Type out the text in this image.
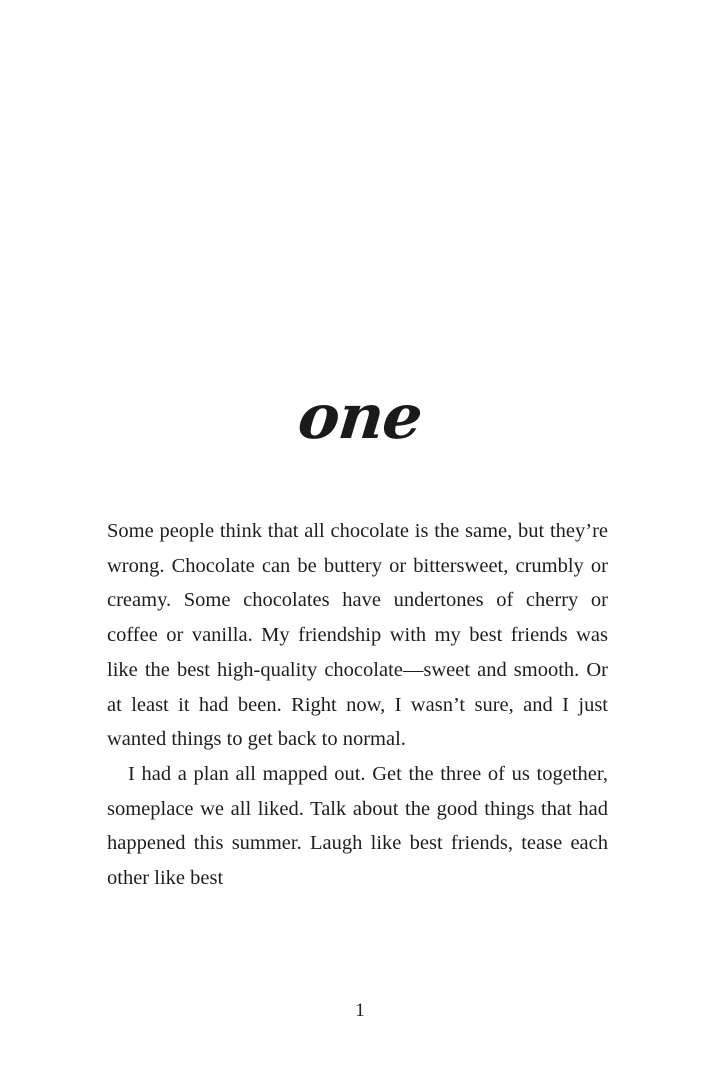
one

Some people think that all chocolate is the same, but they’re wrong. Chocolate can be buttery or bittersweet, crumbly or creamy. Some chocolates have undertones of cherry or coffee or vanilla. My friendship with my best friends was like the best high-quality chocolate—sweet and smooth. Or at least it had been. Right now, I wasn’t sure, and I just wanted things to get back to normal.

I had a plan all mapped out. Get the three of us together, someplace we all liked. Talk about the good things that had happened this summer. Laugh like best friends, tease each other like best

1
